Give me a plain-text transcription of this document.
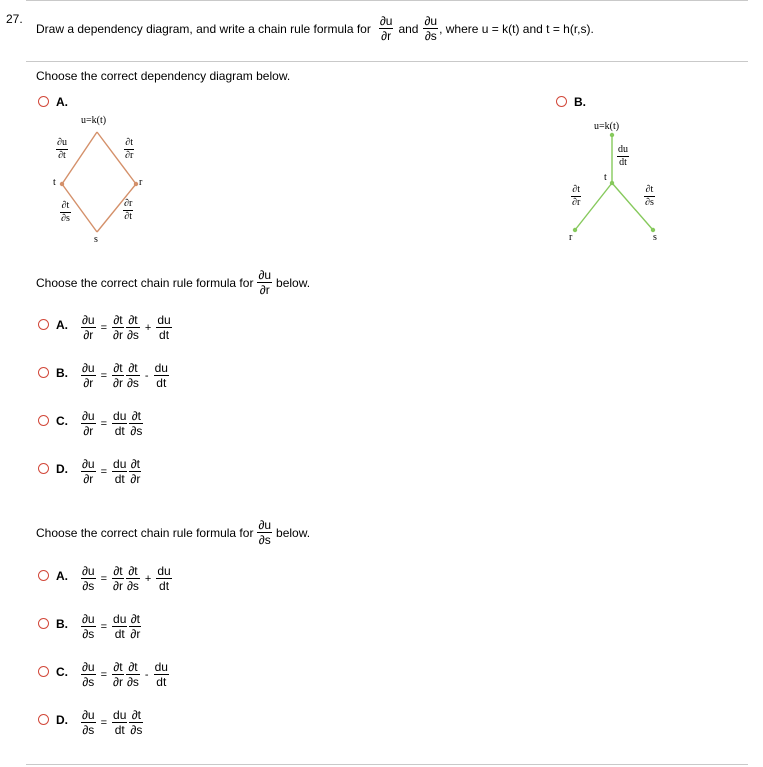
27.
Draw a dependency diagram, and write a chain rule formula for $\frac{\partial u}{\partial r}$ and $\frac{\partial u}{\partial s}$ , where u = k(t) and t = h(r,s).
Choose the correct dependency diagram below.
A.
u=k(t)
t	r
s
∂u
∂t
∂t
∂r
∂t
∂s
∂r
∂t
B.
u=k(t)
t
r	s
du
dt
∂t
∂r
∂t
∂s
Choose the correct chain rule formula for $\frac{\partial u}{\partial r}$ below.
Choose the correct chain rule formula for $\frac{\partial u}{\partial s}$ below.
A. $\frac{\partial u}{\partial r} = \frac{\partial t}{\partial r} \frac{\partial t}{\partial s} + \frac{du}{dt}$
B. $\frac{\partial u}{\partial r} = \frac{\partial t}{\partial r} \frac{\partial t}{\partial s} - \frac{du}{dt}$
C. $\frac{\partial u}{\partial r} = \frac{du}{dt} \frac{\partial t}{\partial s}$
D. $\frac{\partial u}{\partial r} = \frac{du}{dt} \frac{\partial t}{\partial r}$
A. $\frac{\partial u}{\partial s} = \frac{\partial t}{\partial r} \frac{\partial t}{\partial s} + \frac{du}{dt}$
B. $\frac{\partial u}{\partial s} = \frac{du}{dt} \frac{\partial t}{\partial r}$
C. $\frac{\partial u}{\partial s} = \frac{\partial t}{\partial r} \frac{\partial t}{\partial s} - \frac{du}{dt}$
D. $\frac{\partial u}{\partial s} = \frac{du}{dt} \frac{\partial t}{\partial s}$
